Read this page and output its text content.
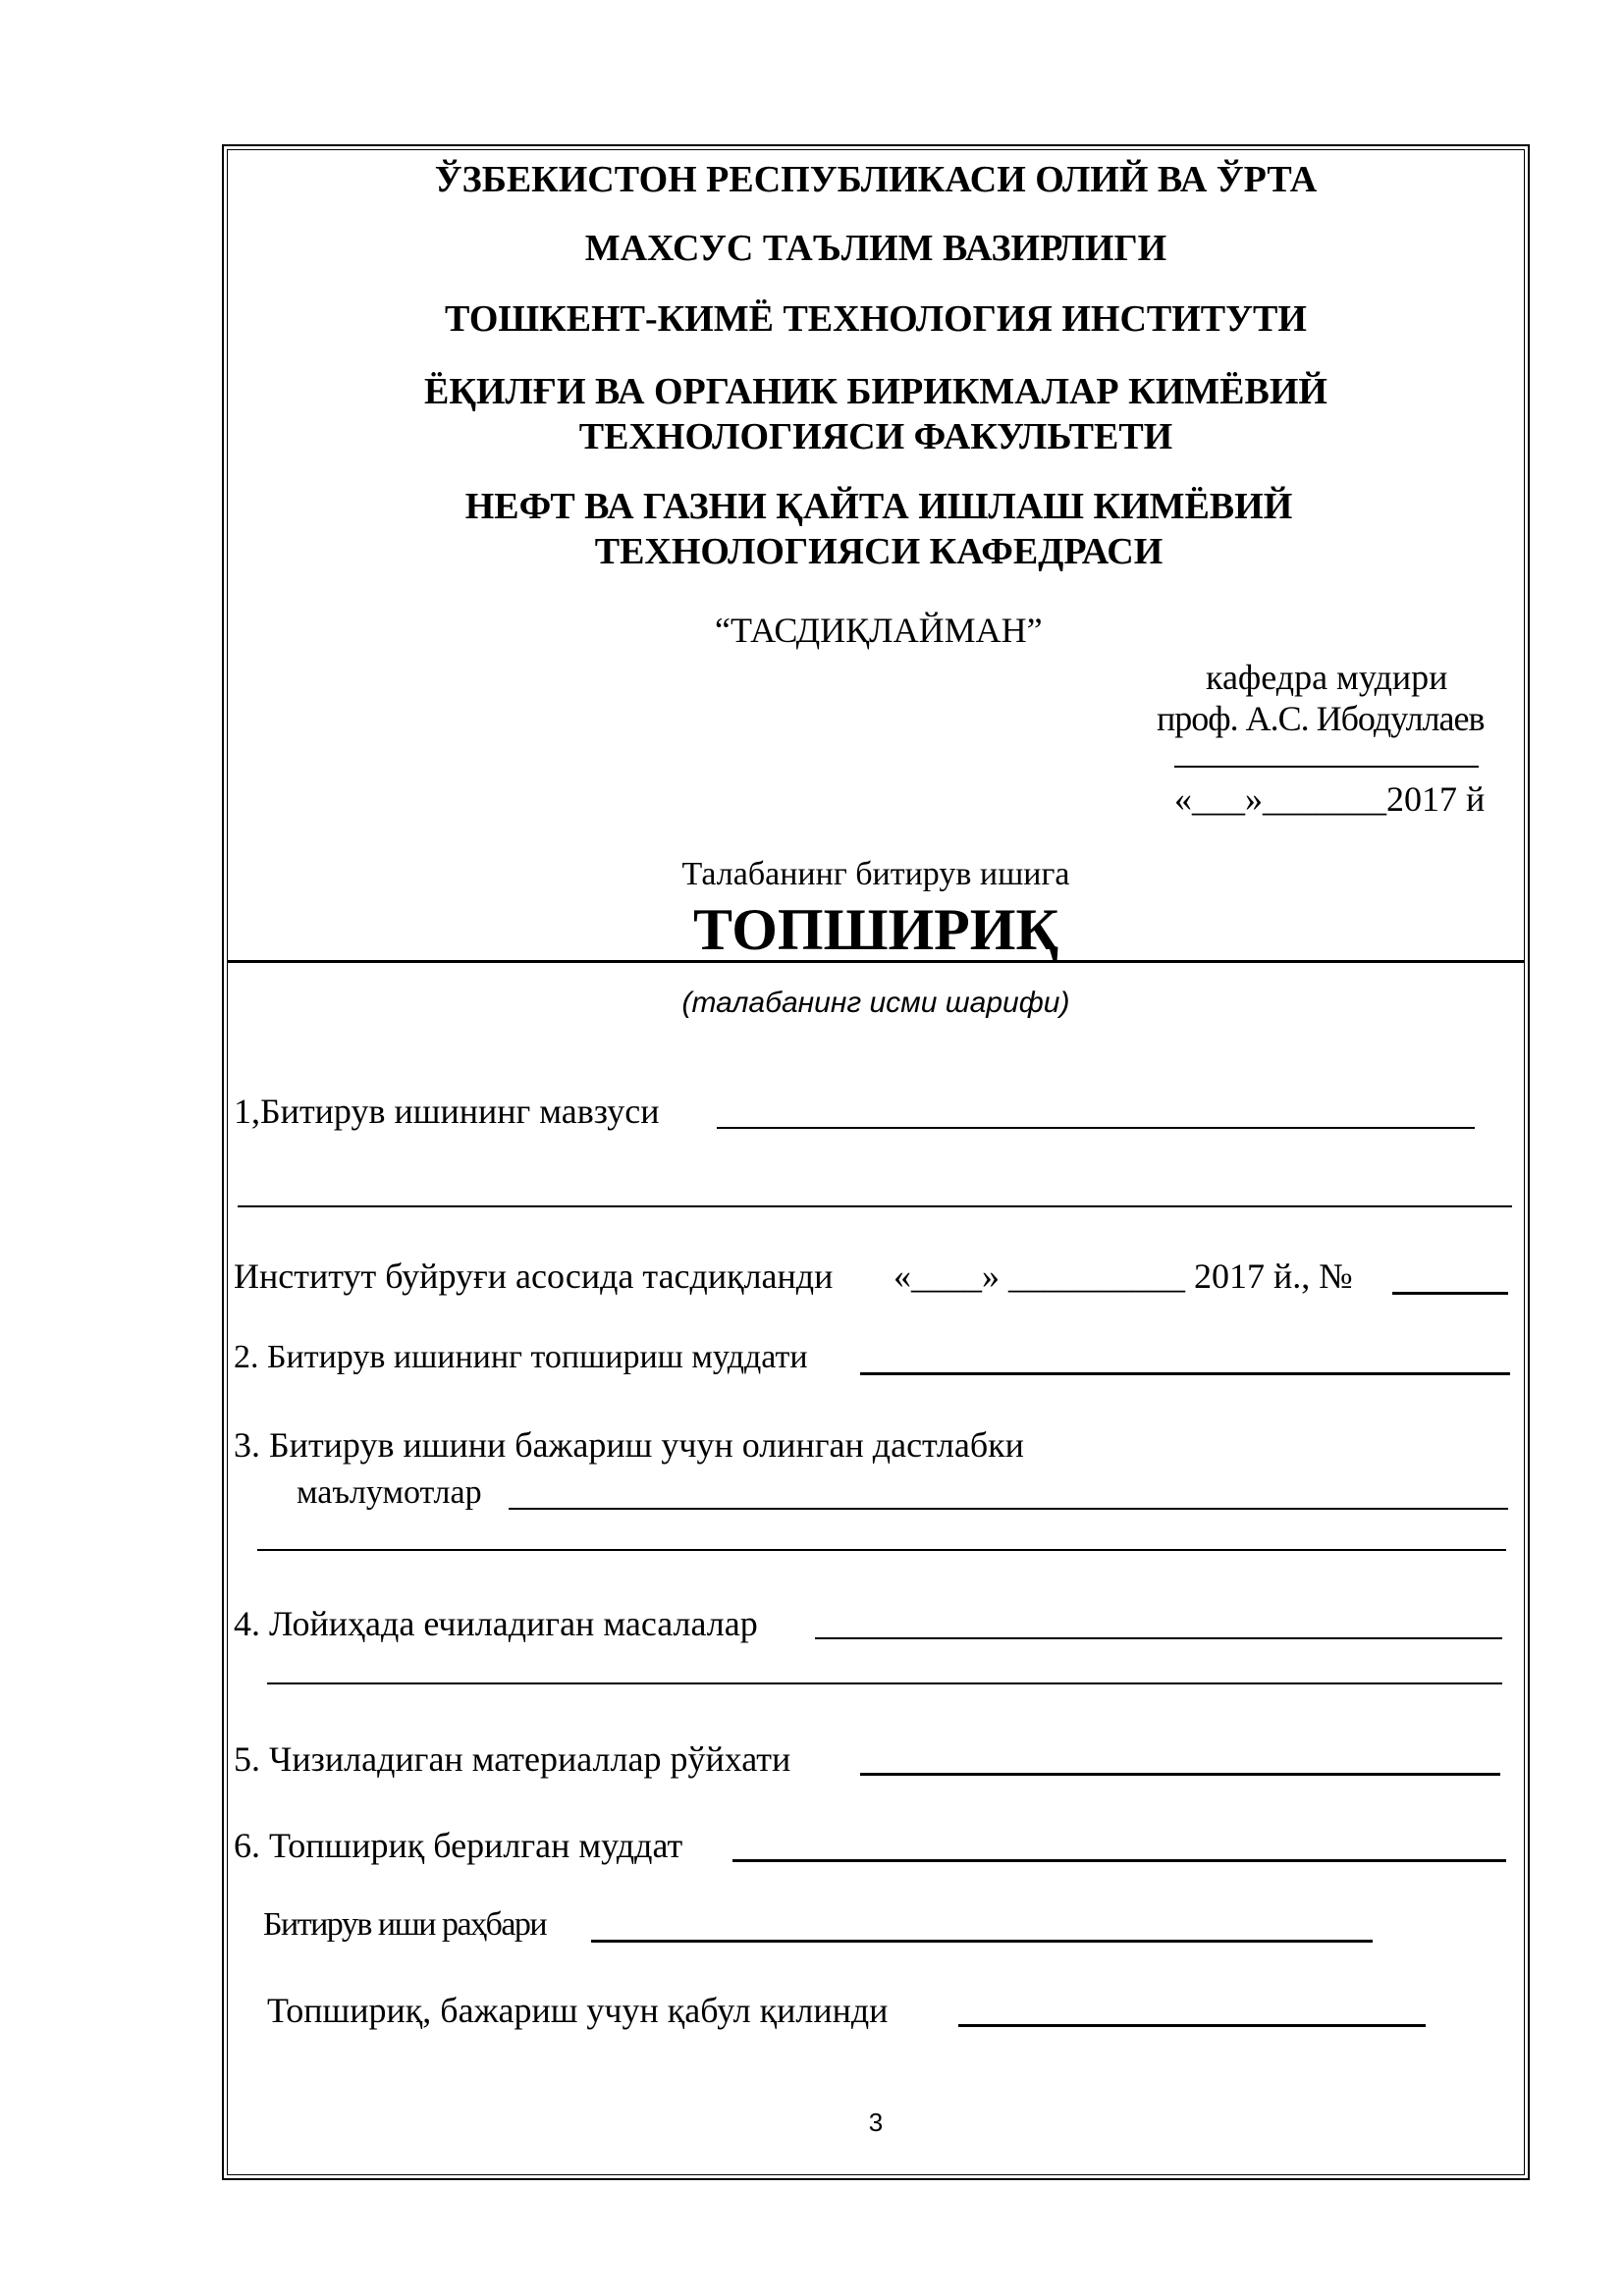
ЎЗБЕКИСТОН РЕСПУБЛИКАСИ ОЛИЙ ВА ЎРТА
МАХСУС ТАЪЛИМ ВАЗИРЛИГИ
ТОШКЕНТ-КИМЁ ТЕХНОЛОГИЯ ИНСТИТУТИ
ЁҚИЛҒИ ВА ОРГАНИК БИРИКМАЛАР КИМЁВИЙ
ТЕХНОЛОГИЯСИ ФАКУЛЬТЕТИ
НЕФТ ВА ГАЗНИ ҚАЙТА ИШЛАШ КИМЁВИЙ
ТЕХНОЛОГИЯСИ КАФЕДРАСИ
“ТАСДИҚЛАЙМАН”
кафедра мудири
проф. А.С. Ибодуллаев
«___»_______2017 й
Талабанинг битирув ишига
ТОПШИРИҚ
(талабанинг исми шарифи)
1,Битирув ишининг мавзуси
Институт буйруғи асосида тасдиқланди «____» __________ 2017 й., №
2. Битирув ишининг топшириш муддати
3. Битирув ишини бажариш учун олинган дастлабки
маълумотлар
4. Лойиҳада ечиладиган масалалар
5. Чизиладиган материаллар рўйхати
6. Топшириқ берилган муддат
Битирув иши раҳбари
Топшириқ, бажариш учун қабул қилинди
3
